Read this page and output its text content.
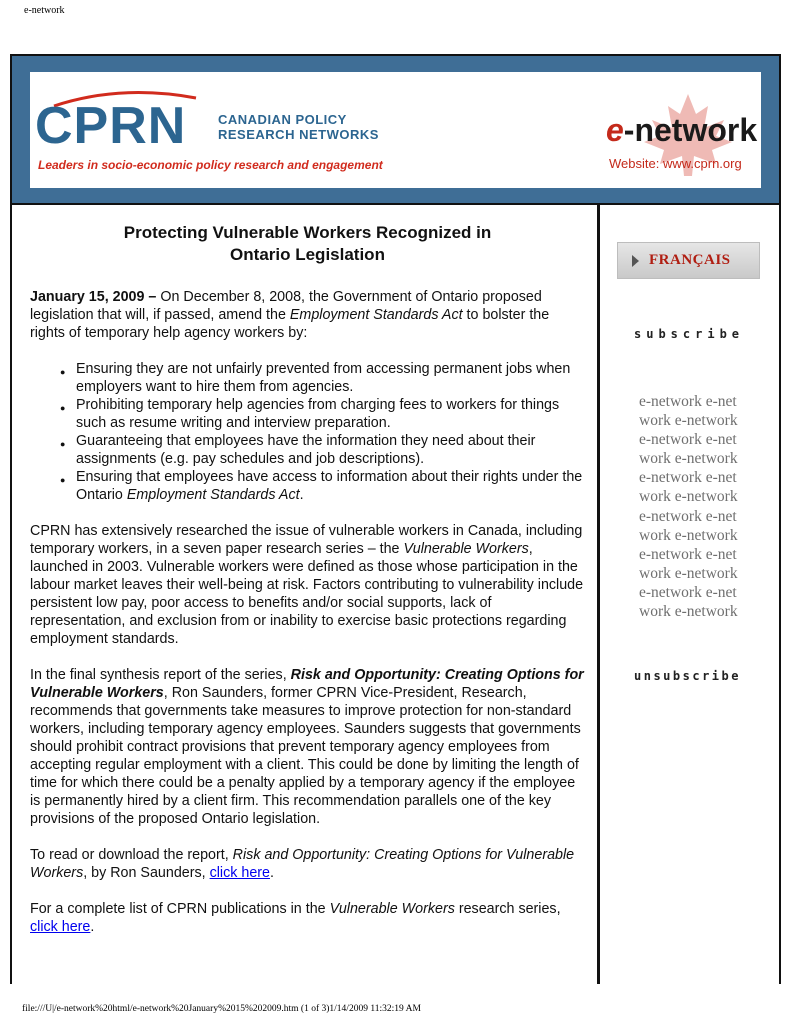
e-network
CPRN CANADIAN POLICY
RESEARCH NETWORKS
Leaders in socio-economic policy research and engagement
e-network
Website: www.cprn.org
Protecting Vulnerable Workers Recognized in
Ontario Legislation

January 15, 2009 – On December 8, 2008, the Government of Ontario proposed legislation that will, if passed, amend the Employment Standards Act to bolster the rights of temporary help agency workers by:

● Ensuring they are not unfairly prevented from accessing permanent jobs when employers want to hire them from agencies.
● Prohibiting temporary help agencies from charging fees to workers for things such as resume writing and interview preparation.
● Guaranteeing that employees have the information they need about their assignments (e.g. pay schedules and job descriptions).
● Ensuring that employees have access to information about their rights under the Ontario Employment Standards Act.

CPRN has extensively researched the issue of vulnerable workers in Canada, including temporary workers, in a seven paper research series – the Vulnerable Workers, launched in 2003. Vulnerable workers were defined as those whose participation in the labour market leaves their well-being at risk. Factors contributing to vulnerability include persistent low pay, poor access to benefits and/or social supports, lack of representation, and exclusion from or inability to exercise basic protections regarding employment standards.

In the final synthesis report of the series, Risk and Opportunity: Creating Options for Vulnerable Workers, Ron Saunders, former CPRN Vice-President, Research, recommends that governments take measures to improve protection for non-standard workers, including temporary agency employees. Saunders suggests that governments should prohibit contract provisions that prevent temporary agency employees from accepting regular employment with a client. This could be done by limiting the length of time for which there could be a penalty applied by a temporary agency if the employee is permanently hired by a client firm. This recommendation parallels one of the key provisions of the proposed Ontario legislation.

To read or download the report, Risk and Opportunity: Creating Options for Vulnerable Workers, by Ron Saunders, click here.

For a complete list of CPRN publications in the Vulnerable Workers research series, click here.

FRANÇAIS
subscribe
e-network e-net
work e-network
e-network e-net
work e-network
e-network e-net
work e-network
e-network e-net
work e-network
e-network e-net
work e-network
e-network e-net
work e-network
unsubscribe
file:///U|/e-network%20html/e-network%20January%2015%202009.htm (1 of 3)1/14/2009 11:32:19 AM
